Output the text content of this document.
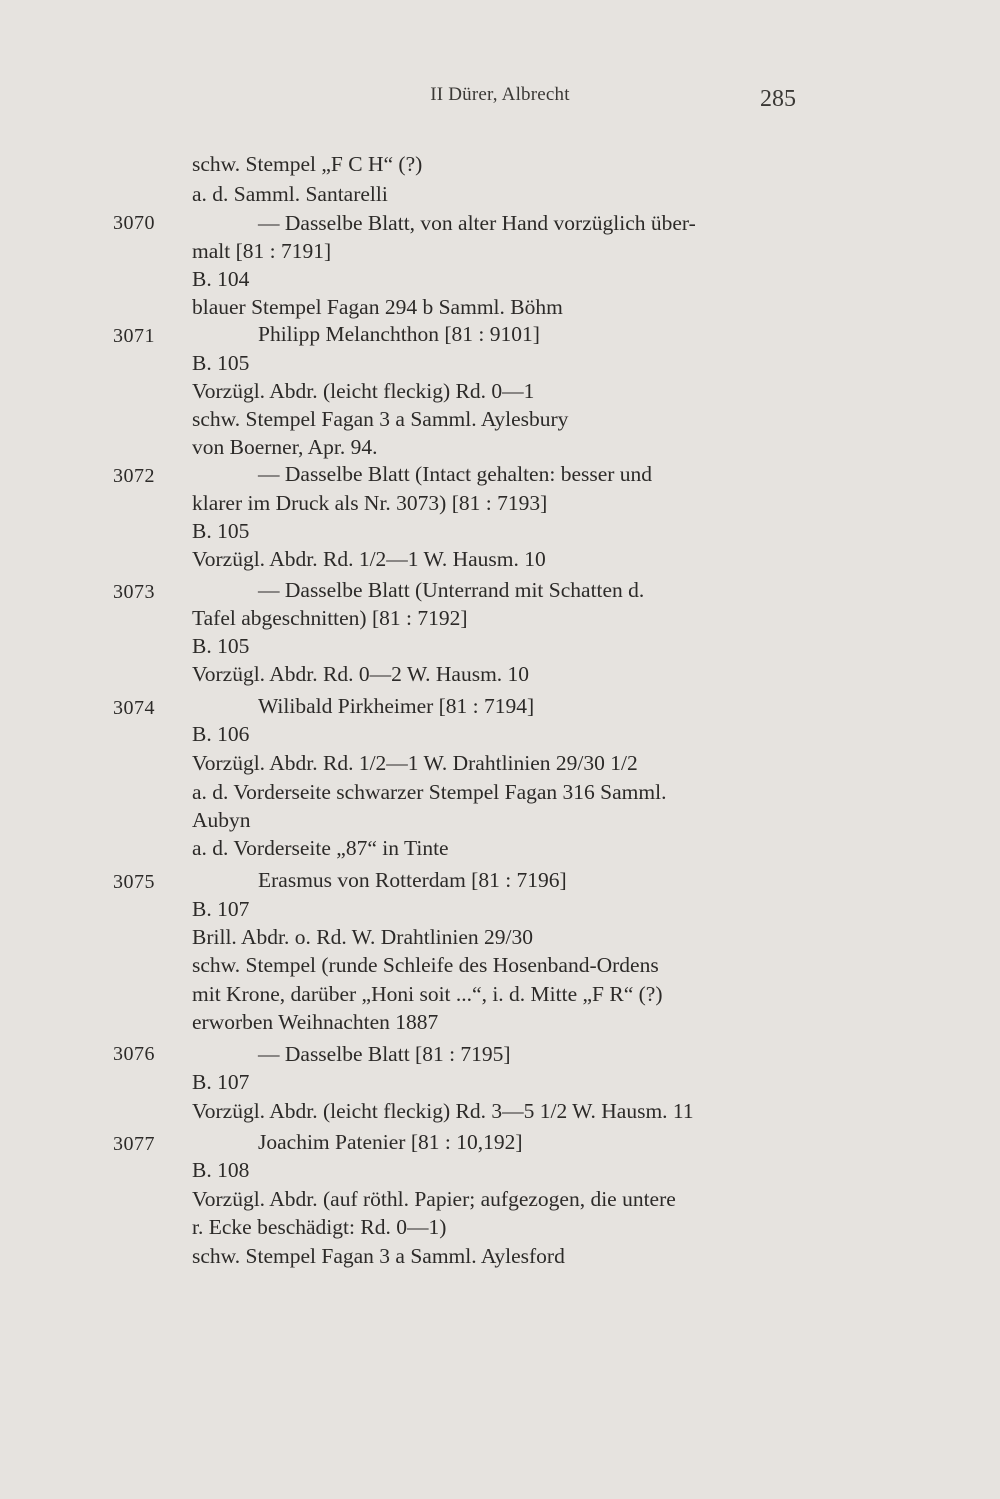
II Dürer, Albrecht	285
schw. Stempel „F C H“ (?)
a. d. Samml. Santarelli
3070	— Dasselbe Blatt, von alter Hand vorzüglich über-
malt [81 : 7191]
B. 104
blauer Stempel Fagan 294 b Samml. Böhm
3071	Philipp Melanchthon [81 : 9101]
B. 105
Vorzügl. Abdr. (leicht fleckig) Rd. 0—1
schw. Stempel Fagan 3 a Samml. Aylesbury
von Boerner, Apr. 94.
3072	— Dasselbe Blatt (Intact gehalten: besser und
klarer im Druck als Nr. 3073) [81 : 7193]
B. 105
Vorzügl. Abdr. Rd. 1/2—1 W. Hausm. 10
3073	— Dasselbe Blatt (Unterrand mit Schatten d.
Tafel abgeschnitten) [81 : 7192]
B. 105
Vorzügl. Abdr. Rd. 0—2 W. Hausm. 10
3074	Wilibald Pirkheimer [81 : 7194]
B. 106
Vorzügl. Abdr. Rd. 1/2—1 W. Drahtlinien 29/30 1/2
a. d. Vorderseite schwarzer Stempel Fagan 316 Samml.
Aubyn
a. d. Vorderseite „87“ in Tinte
3075	Erasmus von Rotterdam [81 : 7196]
B. 107
Brill. Abdr. o. Rd. W. Drahtlinien 29/30
schw. Stempel (runde Schleife des Hosenband-Ordens
mit Krone, darüber „Honi soit ...“, i. d. Mitte „F R“ (?)
erworben Weihnachten 1887
3076	— Dasselbe Blatt [81 : 7195]
B. 107
Vorzügl. Abdr. (leicht fleckig) Rd. 3—5 1/2 W. Hausm. 11
3077	Joachim Patenier [81 : 10,192]
B. 108
Vorzügl. Abdr. (auf röthl. Papier; aufgezogen, die untere
r. Ecke beschädigt: Rd. 0—1)
schw. Stempel Fagan 3 a Samml. Aylesford
